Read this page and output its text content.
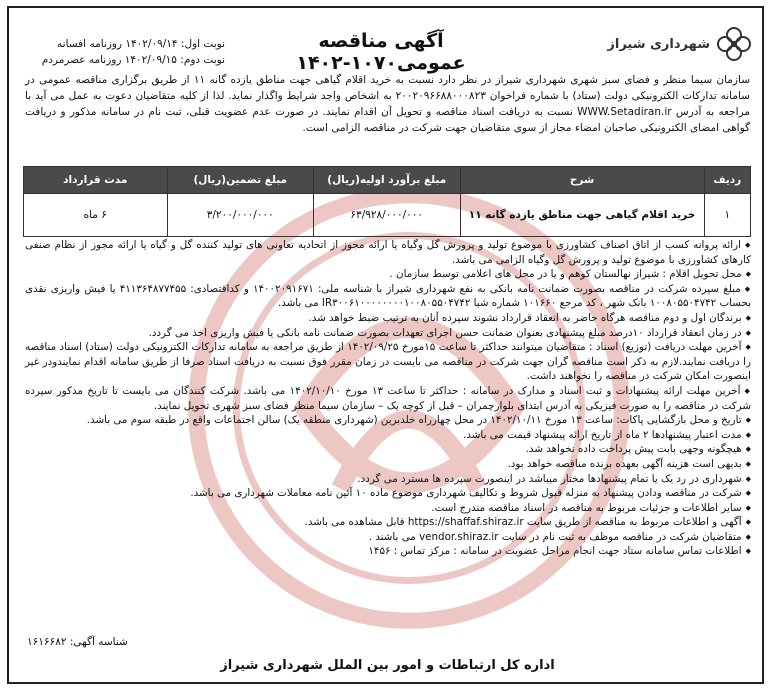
شهرداری شیراز
آگهی مناقصه عمومی۱۰۷۰-۱۴۰۲
نوبت اول: ۱۴۰۲/۰۹/۱۴ روزنامه افسانه
نوبت دوم: ۱۴۰۲/۰۹/۱۵ روزنامه عصرمردم
سازمان سیما منظر و فضای سبز شهری شهرداری شیراز در نظر دارد نسبت به خرید اقلام گیاهی جهت مناطق یازده گانه ۱۱ از طریق برگزاری مناقصه عمومی در سامانه تدارکات الکترونیکی دولت (ستاد) با شماره فراخوان ۲۰۰۲۰۹۶۶۸۸۰۰۰۸۲۳ به اشخاص واجد شرایط واگذار نماید. لذا از کلیه متقاضیان دعوت به عمل می آید با مراجعه به آدرس WWW.Setadiran.ir نسبت به دریافت اسناد مناقصه و تحویل آن اقدام نمایند. در صورت عدم عضویت قبلی، ثبت نام در سامانه مذکور و دریافت گواهی امضای الکترونیکی صاحبان امضاء مجاز از سوی متقاضیان جهت شرکت در مناقصه الزامی است.
ردیف	شرح	مبلغ برآورد اولیه(ریال)	مبلغ تضمین(ریال)	مدت قرارداد
۱	خرید اقلام گیاهی جهت مناطق یازده گانه ۱۱	۶۳/۹۲۸/۰۰۰/۰۰۰	۳/۲۰۰/۰۰۰/۰۰۰	۶ ماه
◆ ارائه پروانه کسب از اتاق اصناف کشاورزی با موضوع تولید و پرورش گل وگیاه یا ارائه مجوز از اتحادیه تعاونی های تولید کننده گل و گیاه یا ارائه مجوز از نظام صنفی کارهای کشاورزی با موضوع تولید و پرورش گل وگیاه الزامی می باشد.
◆ محل تحویل اقلام : شیراز نهالستان کوهم و یا در محل های اعلامی توسط سازمان .
◆ مبلغ سپرده شرکت در مناقصه بصورت ضمانت نامه بانکی به نفع شهرداری شیراز با شناسه ملی: ۱۴۰۰۲۰۹۱۶۷۱ و کداقتصادی: ۴۱۱۳۶۴۸۷۷۴۵۵ یا فیش واریزی نقدی بحساب ۱۰۰۸۰۵۵۰۴۷۴۲ بانک شهر ، کد مرجع ۱۰۱۶۶۰ شماره شبا IR۳۰۰۶۱۰۰۰۰۰۰۰۰۱۰۰۸۰۵۵۰۴۷۴۲ می باشد.
◆ برندگان اول و دوم مناقصه هرگاه حاضر به انعقاد قرارداد نشوند سپرده آنان به ترتیب ضبط خواهد شد.
◆ در زمان انعقاد قرارداد ۱۰درصد مبلغ پیشنهادی بعنوان ضمانت حسن اجرای تعهدات بصورت ضمانت نامه بانکی یا فیش واریزی اخذ می گردد.
◆ آخرین مهلت دریافت (توزیع) اسناد : متقاضیان میتوانند حداکثر تا ساعت ۱۵مورخ ۱۴۰۲/۰۹/۲۵ از طریق مراجعه به سامانه تدارکات الکترونیکی دولت (ستاد) اسناد مناقصه را دریافت نمایند.لازم به ذکر است مناقصه گران جهت شرکت در مناقصه می بایست در زمان مقرر فوق نسبت به دریافت اسناد صرفا از طریق سامانه اقدام نمایندودر غیر اینصورت امکان شرکت در مناقصه را نخواهند داشت.
◆ آخرین مهلت ارائه پیشنهادات و ثبت اسناد و مدارک در سامانه : حداکثر تا ساعت ۱۳ مورخ ۱۴۰۲/۱۰/۱۰ می باشد. شرکت کنندگان می بایست تا تاریخ مذکور سپرده شرکت در مناقصه را به صورت فیزیکی به آدرس ابتدای بلوارچمران – قبل از کوچه یک – سازمان سیما منظر فضای سبز شهری تحویل نمایند.
◆ تاریخ و محل بازگشایی پاکات: ساعت ۱۳ مورخ ۱۴۰۲/۱۰/۱۱ در محل چهارراه خلدبرین (شهرداری منطقه یک) سالن اجتماعات واقع در طبقه سوم می باشد.
◆ مدت اعتبار پیشنهادها ۲ ماه از تاریخ ارائه پیشنهاد قیمت می باشد.
◆ هیچگونه وجهی بابت پیش پرداخت داده نخواهد شد.
◆ بدیهی است هزینه آگهی بعهده برنده مناقصه خواهد بود.
◆ شهرداری در رد یک یا تمام پیشنهادها مختار میباشد در اینصورت سپرده ها مسترد می گردد.
◆ شرکت در مناقصه ودادن پیشنهاد به منزله قبول شروط و تکالیف شهرداری موضوع ماده ۱۰ آئین نامه معاملات شهرداری می باشد.
◆ سایر اطلاعات و جزئیات مربوط به مناقصه در اسناد مناقصه مندرج است.
◆ آگهی و اطلاعات مربوط به مناقصه از طریق سایت https://shaffaf.shiraz.ir قابل مشاهده می باشد.
◆ متقاضیان شرکت در مناقصه موظف به ثبت نام در سایت vendor.shiraz.ir می باشند .
◆ اطلاعات تماس سامانه ستاد جهت انجام مراحل عضویت در سامانه : مرکز تماس : ۱۴۵۶
شناسه آگهی: ۱۶۱۶۶۸۲
اداره کل ارتباطات و امور بین الملل شهرداری شیراز
